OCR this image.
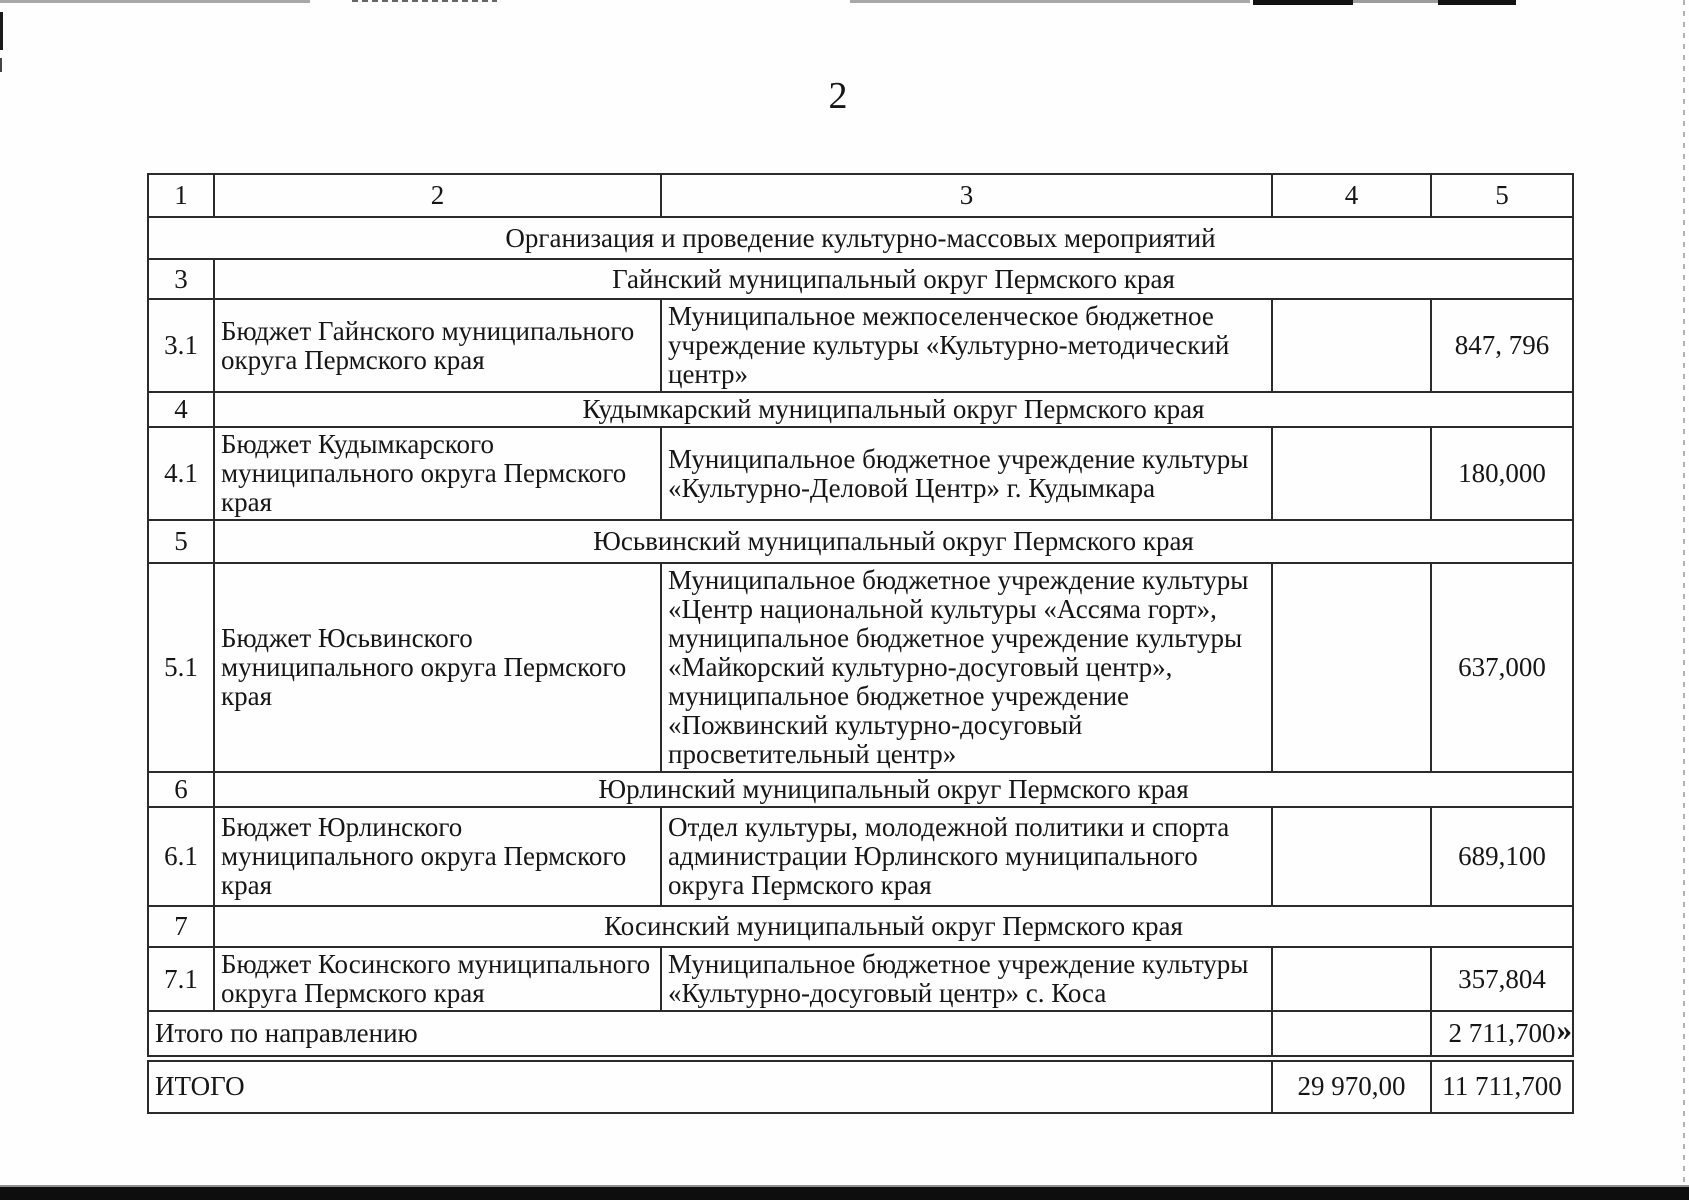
2
1	2	3	4	5
Организация и проведение культурно-массовых мероприятий				
3	Гайнский муниципальный округ Пермского края			
3.1	Бюджет Гайнского муниципального округа Пермского края	Муниципальное межпоселенческое бюджетное учреждение культуры «Культурно-методический центр»		847, 796
4	Кудымкарский муниципальный округ Пермского края			
4.1	Бюджет Кудымкарского муниципального округа Пермского края	Муниципальное бюджетное учреждение культуры «Культурно-Деловой Центр» г. Кудымкара		180,000
5	Юсьвинский муниципальный округ Пермского края			
5.1	Бюджет Юсьвинского муниципального округа Пермского края	Муниципальное бюджетное учреждение культуры «Центр национальной культуры «Ассяма горт», муниципальное бюджетное учреждение культуры «Майкорский культурно-досуговый центр», муниципальное бюджетное учреждение «Пожвинский культурно-досуговый просветительный центр»		637,000
6	Юрлинский муниципальный округ Пермского края			
6.1	Бюджет Юрлинского муниципального округа Пермского края	Отдел культуры, молодежной политики и спорта администрации Юрлинского муниципального округа Пермского края		689,100
7	Косинский муниципальный округ Пермского края			
7.1	Бюджет Косинского муниципального округа Пермского края	Муниципальное бюджетное учреждение культуры «Культурно-досуговый центр» с. Коса		357,804
Итого по направлению				2 711,700
ИТОГО			29 970,00	11 711,700
»
